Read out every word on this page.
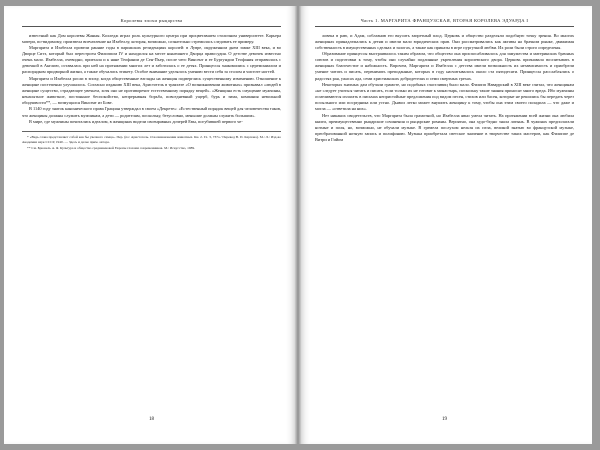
Королевы эпохи рыцарства

известный как Дом королевы Жанны. Колледж играл роль культурного центра при процветавшем столичном университете. Карьера матери, по-видимому, произвела впечатление на Изабеллу, которая, возможно, сознательно стремилась следовать ее примеру.

Маргарита и Изабелла провели ранние годы в парижских резиденциях королей: в Лувре, окруженном днем замке XIII века, и во Дворце Ситэ, который был перестроен Филиппом IV и находился на месте нынешнего Дворца правосудия. О детстве девочек известно очень мало. Изабелла, очевидно, приехала и к няне Теофании де Сен-Пьер, после чего Винсент и ее Бургундии Теофания отправилась с девочкой в Англию, оставалась при ней на протяжении многих лет и заботилась о ее детях. Принцессы знакомились с церемониалом и распорядком придворной жизни, а также обучались этикету. Особое внимание уделялось умению вести себя за столом и чистоте ногтей.

Маргарита и Изабелла росли в эпоху, когда общественные взгляды на женщин подверглись существенному изменению. Отношение к женщине постепенно улучшалось. Согласно изданию XIII века, Аристотель в трактате «О возникновении животных» признавал «людей в женщине существо, страдающее увечьем, хотя оно не противоречит естественному порядку вещей». «Женщина есть смущение мужчины, ненасытное животное, постоянное беспокойство, непрерывная борьба, повседневный ущерб, бурь и зима, компания невольной обидчивости**, — возмущался Винсент из Бове.

В 1140 году знаток канонического права Грациан утверждал в своем «Декрете»: «Естественный порядок вещей для человечества таков, что женщины должны служить мужчинам, а дети — родителям, поскольку, безусловно, меньшие должны служить большим».

В мире, где мужчины почитались идеалом, в женщинах видели своенравных дочерей Евы, погубившей первого че-

* «Ведь слава представляет собой как бы увечного самца». Пер. (по: Аристотель. О возникновении животных. Кн. 2. Гл. 3, 737a / Перевод В. П. Карпова). М.: Л.: Изд-во Академии наук СССР, 1940. — Здесь и далее прим. автора.

** См. Брюнель А. Я. Культура и общество средневековой Европы глазами современников. М.: Искусство, 1989.

18
Часть 1. МАРГАРИТА ФРАНЦУЗСКАЯ, ВТОРАЯ КОРОЛЕВА ЭДУАРДА I

ловека в раю, и Адам, соблазнив его вкусить запретный плод. Церковь и общество разделяли подобную точку зрения. Во многих женщинах принадлежались к детям и имели мало юридических прав. Они рассматривались как активы на брачном рынке, движимая собственность в имущественных сделках и залогах, а также как приказы в игре пургучной любви. Их роли были строго определены.

Образование принцессы выстраивалось таким образом, что общество она приспосабливалось для замужества и материнских брачных союзов и подготовки к тому, чтобы они случайно подлинные укрепления королевского двора. Церковь признавала воспитывать в женщинах благочестие и набожность. Впрочем, Маргарита и Изабелла с детства имели возможность их независимость и приобрели умение читать и писать, перенимать преподанные, которых в году насчитывалось около ста пятидесяти. Принцессы расслаблялись о радостях рая, ужасах ада, семи христианских добродетелях и семи смертных грехах.

Некоторых знатных дам обучали грамоте, но подобных счастливиц было мало. Филипп Наваррский в XIII веке считал, что женщинам «не следует учиться читать и писать, если только их не готовят к монастырь, поскольку такие знания приносят много вреда. Ибо мужчины осмеливаются излагать в письмах непристойные предложения под видом песен, стихов или басен, которые не решились бы передать через посыльного или посредника или устно. Дьявол легко может внушить женщину к тому, чтобы она этим своего поладила — что даже и могла — «ответила на них».

Нет никаких свидетельств, что Маргарита была грамотной, но Изабелла явно умела читать. На протяжении всей жизни она любила книги, преимущественно рыцарские сочинения и рыцарские романы. Вероятно, она худо-бедно знала латынь. В чужинах предполагали нотные и поля, но, возможно, не обучали музыке. В гремела послухом нельзя их пела, великой знатью во французской музыке, преобразованной нотную запись и полифонию. Музыка приобретала светское значение в творчестве таких мастеров, как Филиппе де Витри и Гийом

19
